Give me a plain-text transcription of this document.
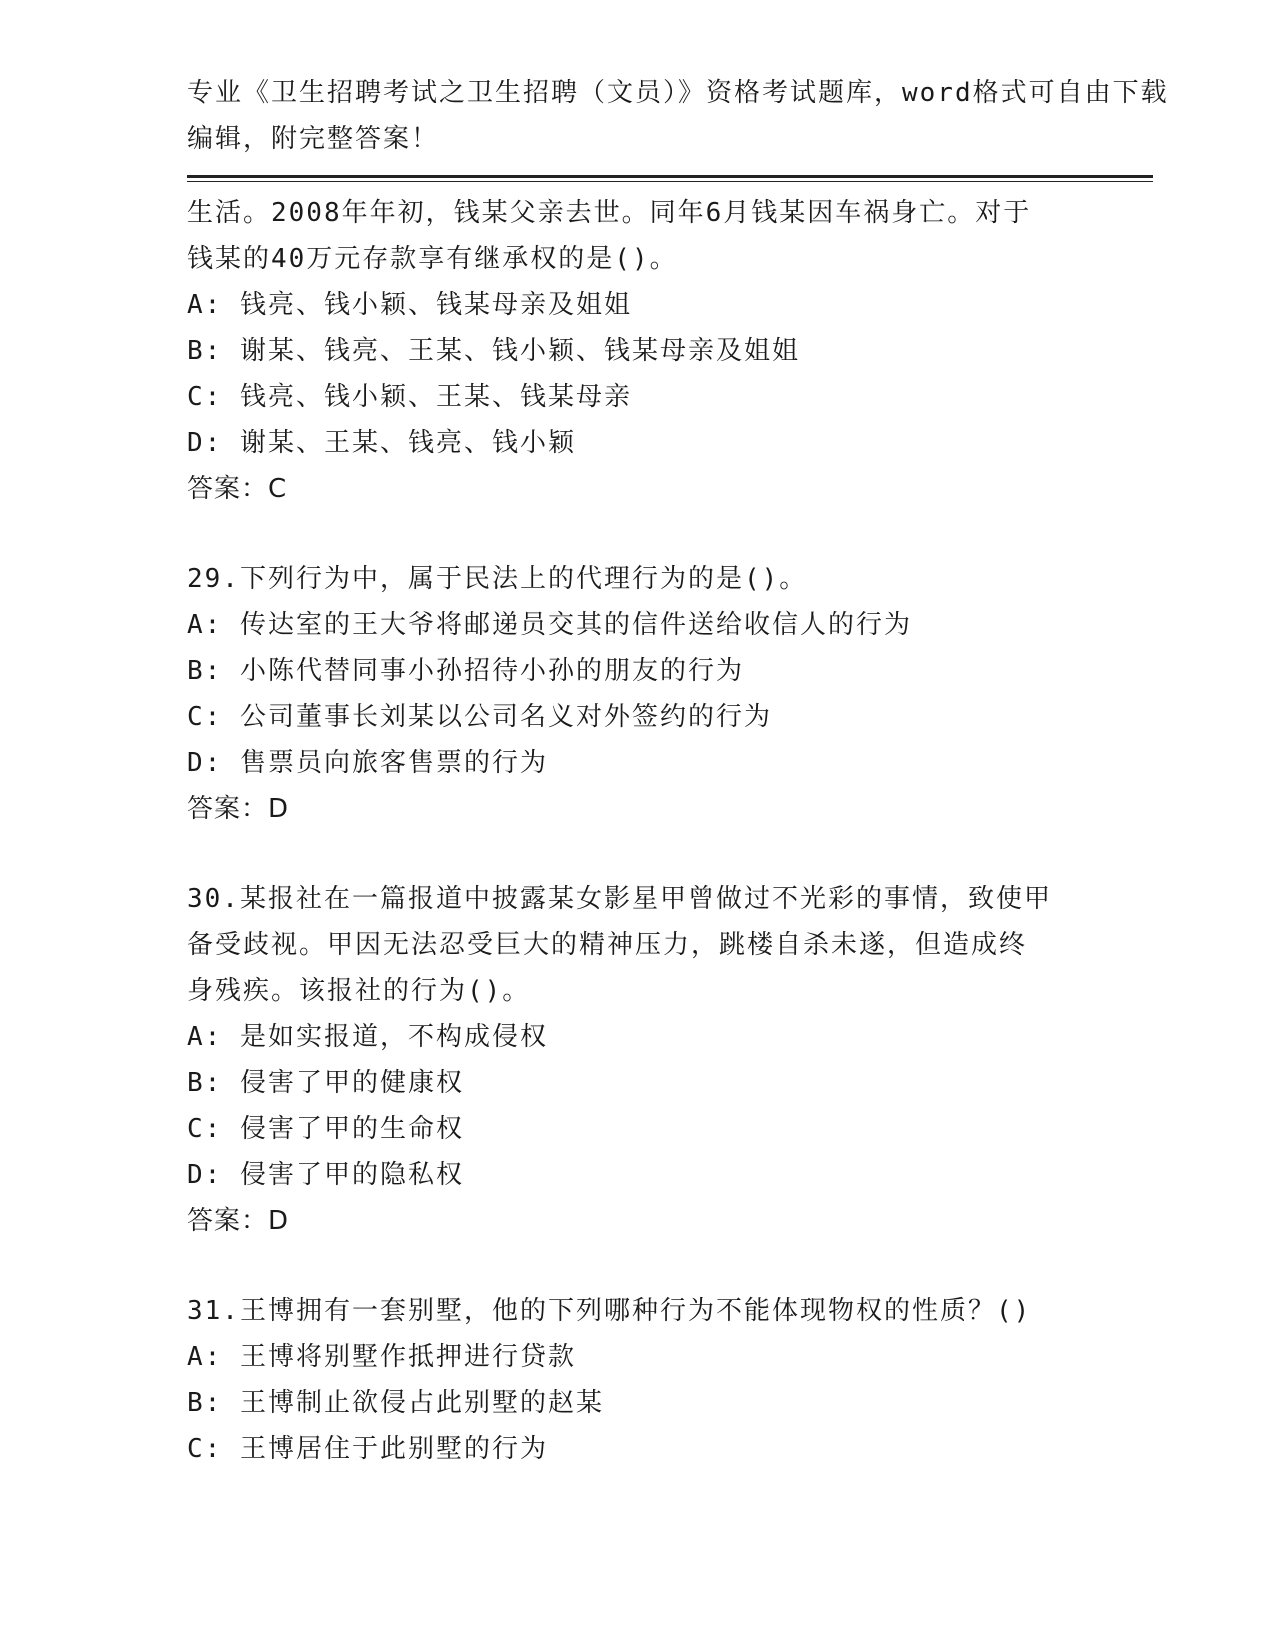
专业《卫生招聘考试之卫生招聘（文员）》资格考试题库，word格式可自由下载
编辑，附完整答案！
生活。2008年年初，钱某父亲去世。同年6月钱某因车祸身亡。对于
钱某的40万元存款享有继承权的是()。
A: 钱亮、钱小颖、钱某母亲及姐姐
B: 谢某、钱亮、王某、钱小颖、钱某母亲及姐姐
C: 钱亮、钱小颖、王某、钱某母亲
D: 谢某、王某、钱亮、钱小颖
答案：C
29.下列行为中，属于民法上的代理行为的是()。
A: 传达室的王大爷将邮递员交其的信件送给收信人的行为
B: 小陈代替同事小孙招待小孙的朋友的行为
C: 公司董事长刘某以公司名义对外签约的行为
D: 售票员向旅客售票的行为
答案：D
30.某报社在一篇报道中披露某女影星甲曾做过不光彩的事情，致使甲
备受歧视。甲因无法忍受巨大的精神压力，跳楼自杀未遂，但造成终
身残疾。该报社的行为()。
A: 是如实报道，不构成侵权
B: 侵害了甲的健康权
C: 侵害了甲的生命权
D: 侵害了甲的隐私权
答案：D
31.王博拥有一套别墅，他的下列哪种行为不能体现物权的性质？()
A: 王博将别墅作抵押进行贷款
B: 王博制止欲侵占此别墅的赵某
C: 王博居住于此别墅的行为
